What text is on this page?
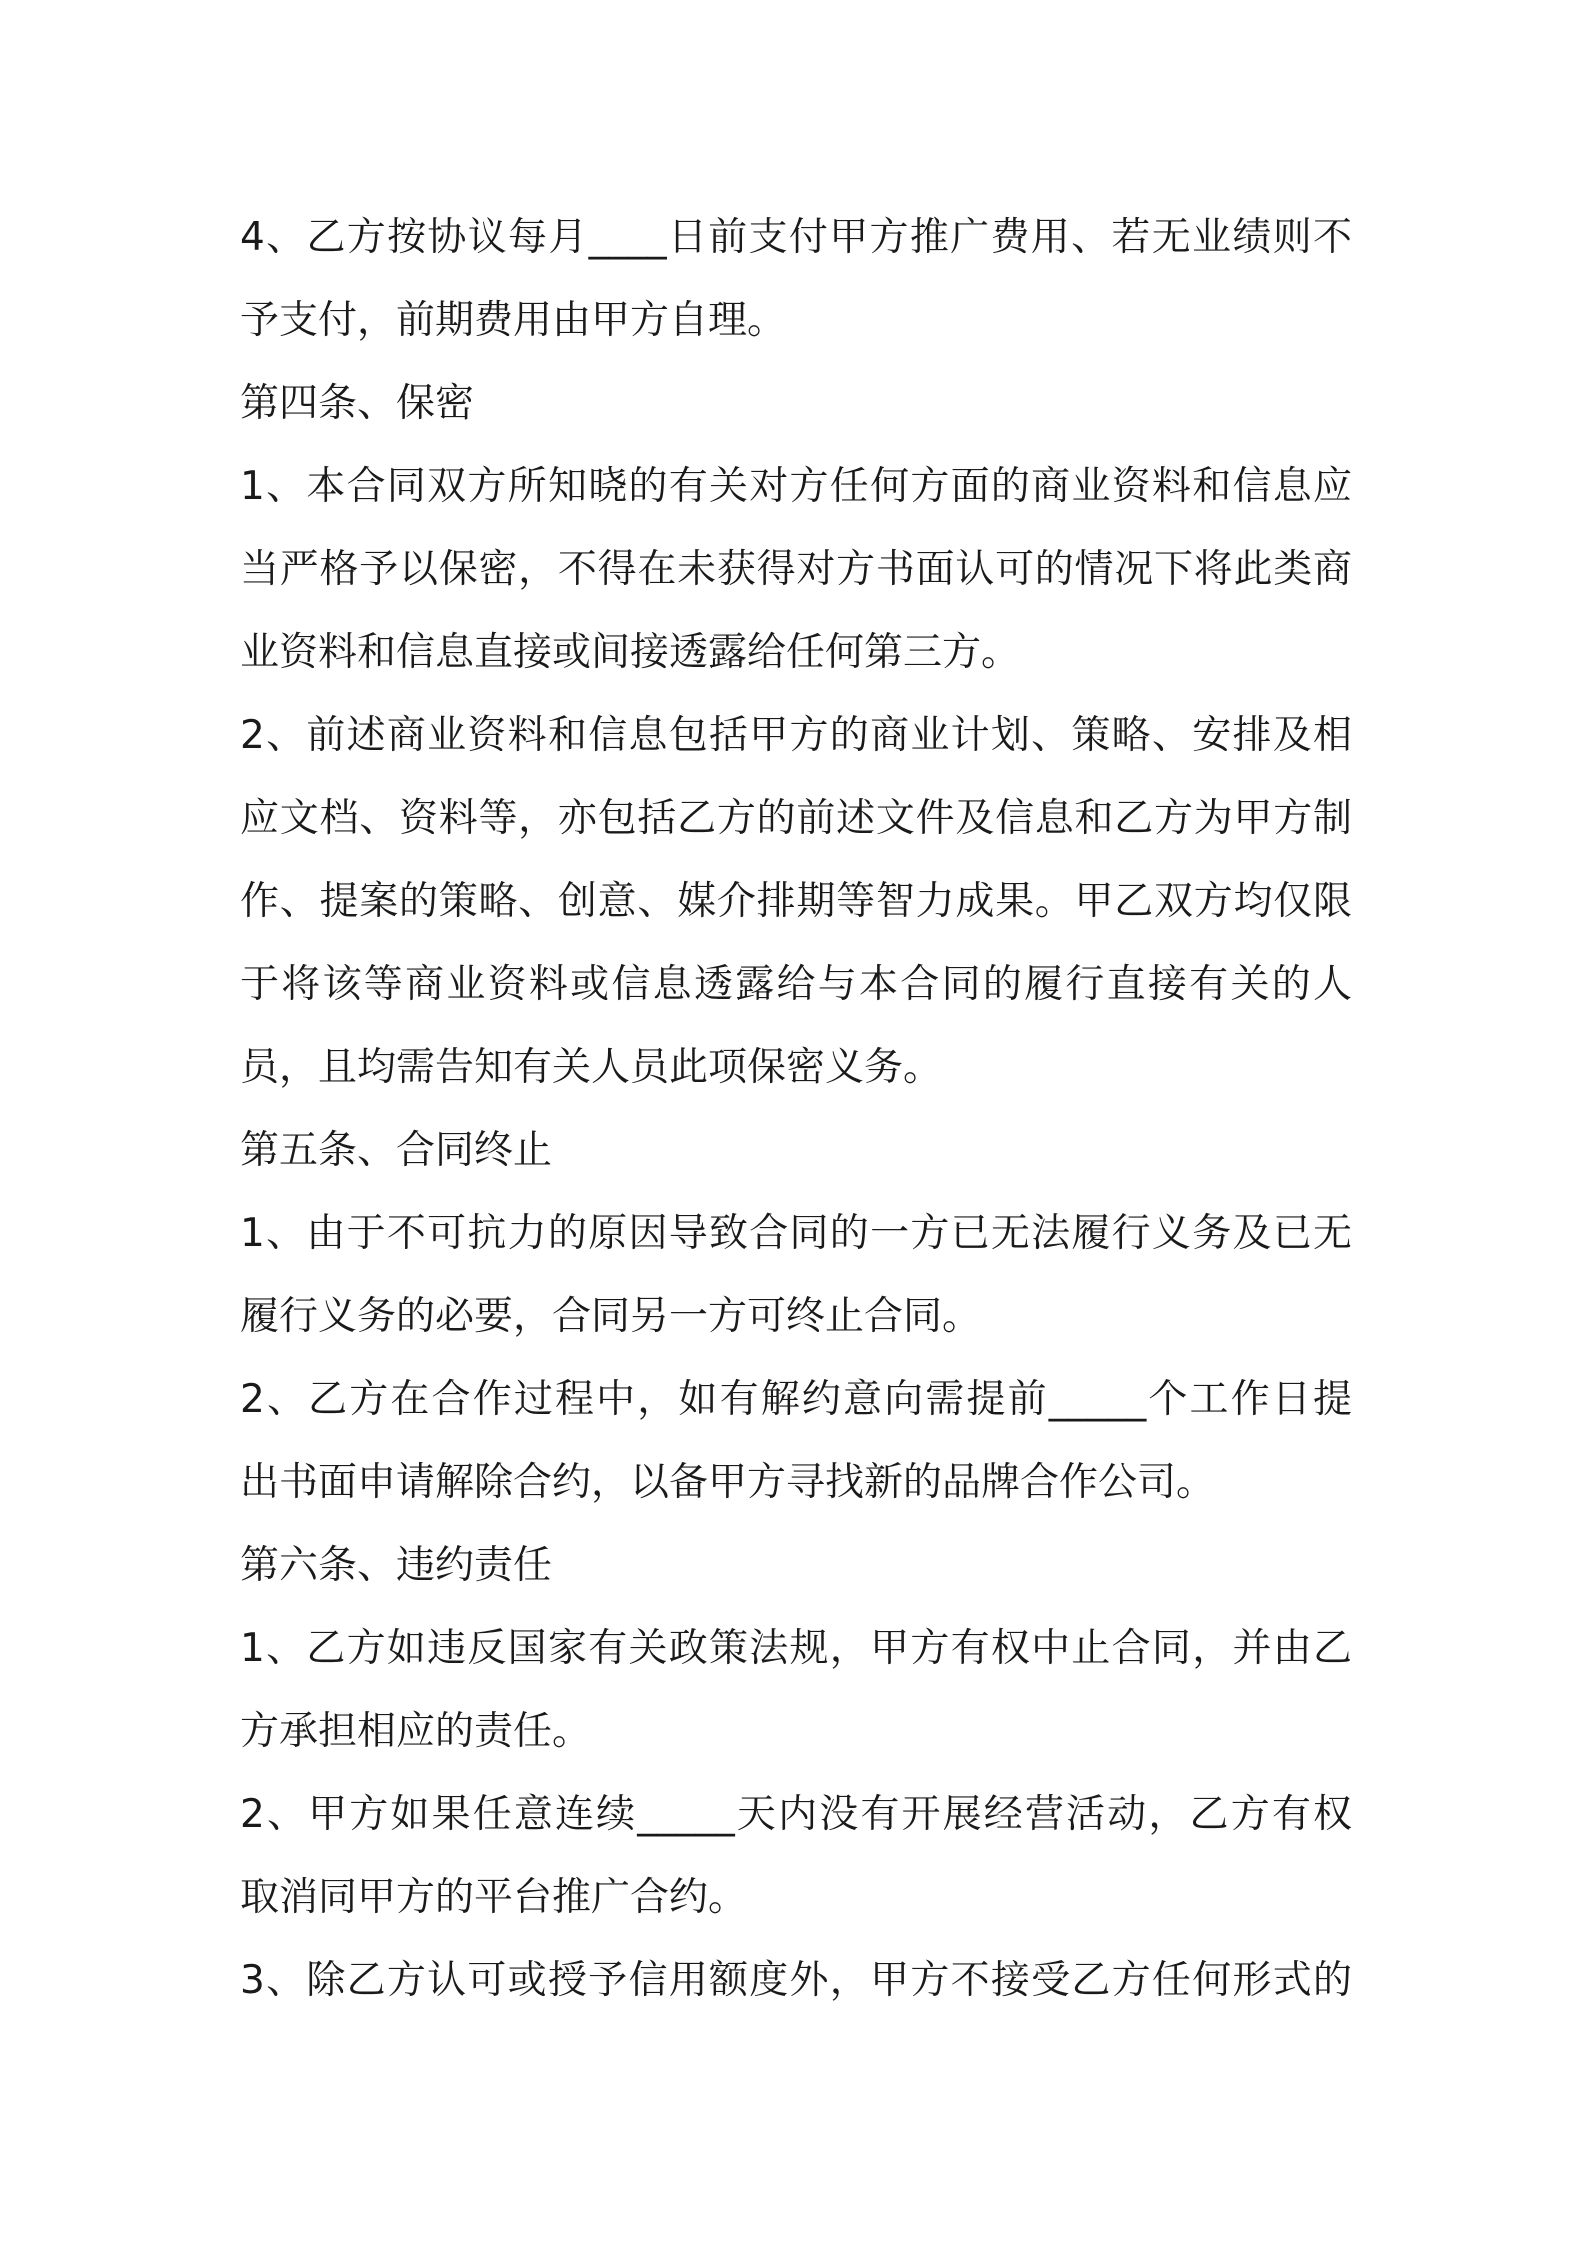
4、乙方按协议每月____日前支付甲方推广费用、若无业绩则不
予支付，前期费用由甲方自理。
第四条、保密
1、本合同双方所知晓的有关对方任何方面的商业资料和信息应
当严格予以保密，不得在未获得对方书面认可的情况下将此类商
业资料和信息直接或间接透露给任何第三方。
2、前述商业资料和信息包括甲方的商业计划、策略、安排及相
应文档、资料等，亦包括乙方的前述文件及信息和乙方为甲方制
作、提案的策略、创意、媒介排期等智力成果。甲乙双方均仅限
于将该等商业资料或信息透露给与本合同的履行直接有关的人
员，且均需告知有关人员此项保密义务。
第五条、合同终止
1、由于不可抗力的原因导致合同的一方已无法履行义务及已无
履行义务的必要，合同另一方可终止合同。
2、乙方在合作过程中，如有解约意向需提前_____个工作日提
出书面申请解除合约，以备甲方寻找新的品牌合作公司。
第六条、违约责任
1、乙方如违反国家有关政策法规，甲方有权中止合同，并由乙
方承担相应的责任。
2、甲方如果任意连续_____天内没有开展经营活动，乙方有权
取消同甲方的平台推广合约。
3、除乙方认可或授予信用额度外，甲方不接受乙方任何形式的
